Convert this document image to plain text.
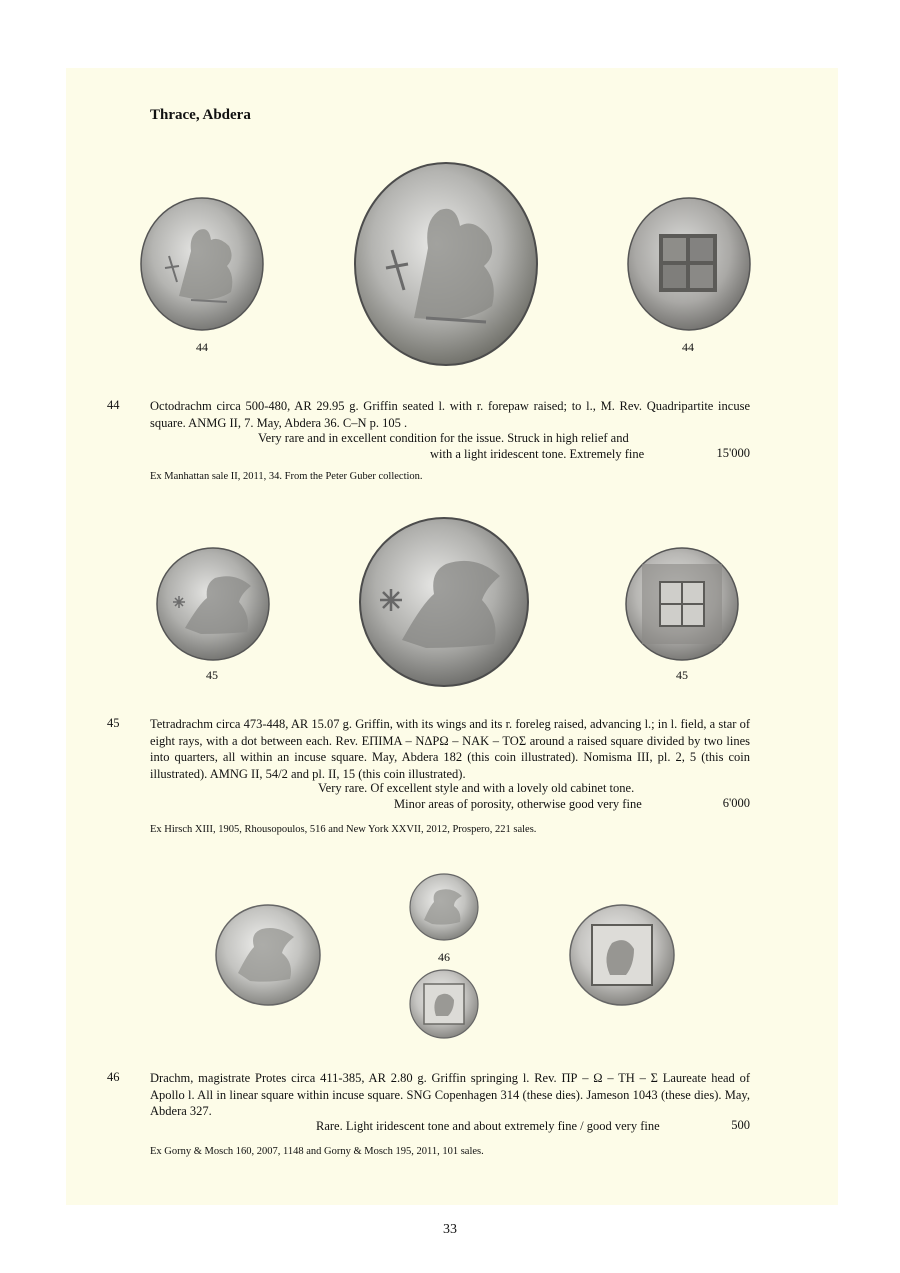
Thrace, Abdera
44	44
44 Octodrachm circa 500-480, AR 29.95 g. Griffin seated l. with r. forepaw raised; to l., M. Rev. Quadripartite incuse square. ANMG II, 7. May, Abdera 36. C–N p. 105 .
Very rare and in excellent condition for the issue. Struck in high relief and
with a light iridescent tone. Extremely fine	15'000
Ex Manhattan sale II, 2011, 34. From the Peter Guber collection.
45	45
45 Tetradrachm circa 473-448, AR 15.07 g. Griffin, with its wings and its r. foreleg raised, advancing l.; in l. field, a star of eight rays, with a dot between each. Rev. ΕΠΙΜΑ – ΝΔΡΩ – ΝΑΚ – ΤΟΣ around a raised square divided by two lines into quarters, all within an incuse square. May, Abdera 182 (this coin illustrated). Nomisma III, pl. 2, 5 (this coin illustrated). AMNG II, 54/2 and pl. II, 15 (this coin illustrated).
Very rare. Of excellent style and with a lovely old cabinet tone.
Minor areas of porosity, otherwise good very fine	6'000
Ex Hirsch XIII, 1905, Rhousopoulos, 516 and New York XXVII, 2012, Prospero, 221 sales.
46
46 Drachm, magistrate Protes circa 411-385, AR 2.80 g. Griffin springing l. Rev. ΠΡ – Ω – ΤΗ – Σ Laureate head of Apollo l. All in linear square within incuse square. SNG Copenhagen 314 (these dies). Jameson 1043 (these dies). May, Abdera 327.
Rare. Light iridescent tone and about extremely fine / good very fine	500
Ex Gorny & Mosch 160, 2007, 1148 and Gorny & Mosch 195, 2011, 101 sales.
33
